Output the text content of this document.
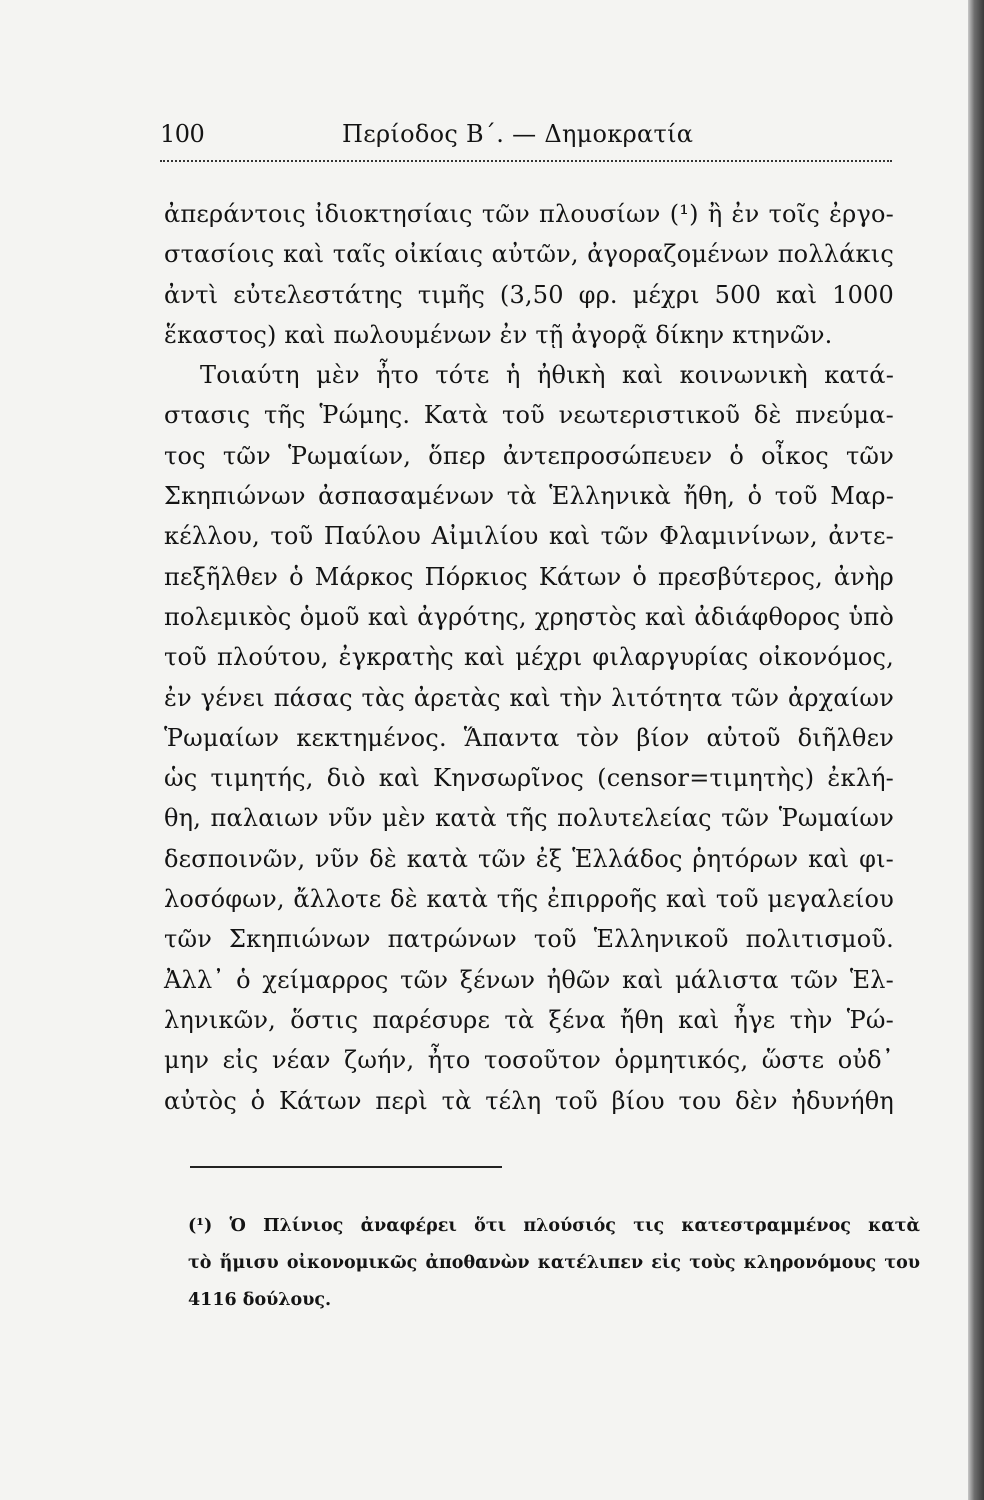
100	Περίοδος Β΄. — Δημοκρατία
ἀπεράντοις ἰδιοκτησίαις τῶν πλουσίων (¹) ἢ ἐν τοῖς ἐργο-
στασίοις καὶ ταῖς οἰκίαις αὐτῶν, ἀγοραζομένων πολλάκις
ἀντὶ εὐτελεστάτης τιμῆς (3,50 φρ. μέχρι 500 καὶ 1000
ἕκαστος) καὶ πωλουμένων ἐν τῇ ἀγορᾷ δίκην κτηνῶν.
Τοιαύτη μὲν ἦτο τότε ἡ ἠθικὴ καὶ κοινωνικὴ κατά-
στασις τῆς Ῥώμης. Κατὰ τοῦ νεωτεριστικοῦ δὲ πνεύμα-
τος τῶν Ῥωμαίων, ὅπερ ἀντεπροσώπευεν ὁ οἶκος τῶν
Σκηπιώνων ἀσπασαμένων τὰ Ἑλληνικὰ ἤθη, ὁ τοῦ Μαρ-
κέλλου, τοῦ Παύλου Αἰμιλίου καὶ τῶν Φλαμινίνων, ἀντε-
πεξῆλθεν ὁ Μάρκος Πόρκιος Κάτων ὁ πρεσβύτερος, ἀνὴρ
πολεμικὸς ὁμοῦ καὶ ἀγρότης, χρηστὸς καὶ ἀδιάφθορος ὑπὸ
τοῦ πλούτου, ἐγκρατὴς καὶ μέχρι φιλαργυρίας οἰκονόμος,
ἐν γένει πάσας τὰς ἀρετὰς καὶ τὴν λιτότητα τῶν ἀρχαίων
Ῥωμαίων κεκτημένος. Ἅπαντα τὸν βίον αὐτοῦ διῆλθεν
ὡς τιμητής, διὸ καὶ Κηνσωρῖνος (censor=τιμητὴς) ἐκλή-
θη, παλαιων νῦν μὲν κατὰ τῆς πολυτελείας τῶν Ῥωμαίων
δεσποινῶν, νῦν δὲ κατὰ τῶν ἐξ Ἑλλάδος ῥητόρων καὶ φι-
λοσόφων, ἄλλοτε δὲ κατὰ τῆς ἐπιρροῆς καὶ τοῦ μεγαλείου
τῶν Σκηπιώνων πατρώνων τοῦ Ἑλληνικοῦ πολιτισμοῦ.
Ἀλλ᾽ ὁ χείμαρρος τῶν ξένων ἠθῶν καὶ μάλιστα τῶν Ἑλ-
ληνικῶν, ὅστις παρέσυρε τὰ ξένα ἤθη καὶ ἦγε τὴν Ῥώ-
μην εἰς νέαν ζωήν, ἦτο τοσοῦτον ὁρμητικός, ὥστε οὐδ᾽
αὐτὸς ὁ Κάτων περὶ τὰ τέλη τοῦ βίου του δὲν ἠδυνήθη
(¹) Ὁ Πλίνιος ἀναφέρει ὅτι πλούσιός τις κατεστραμμένος κατὰ
τὸ ἥμισυ οἰκονομικῶς ἀποθανὼν κατέλιπεν εἰς τοὺς κληρονόμους του
4116 δούλους.
